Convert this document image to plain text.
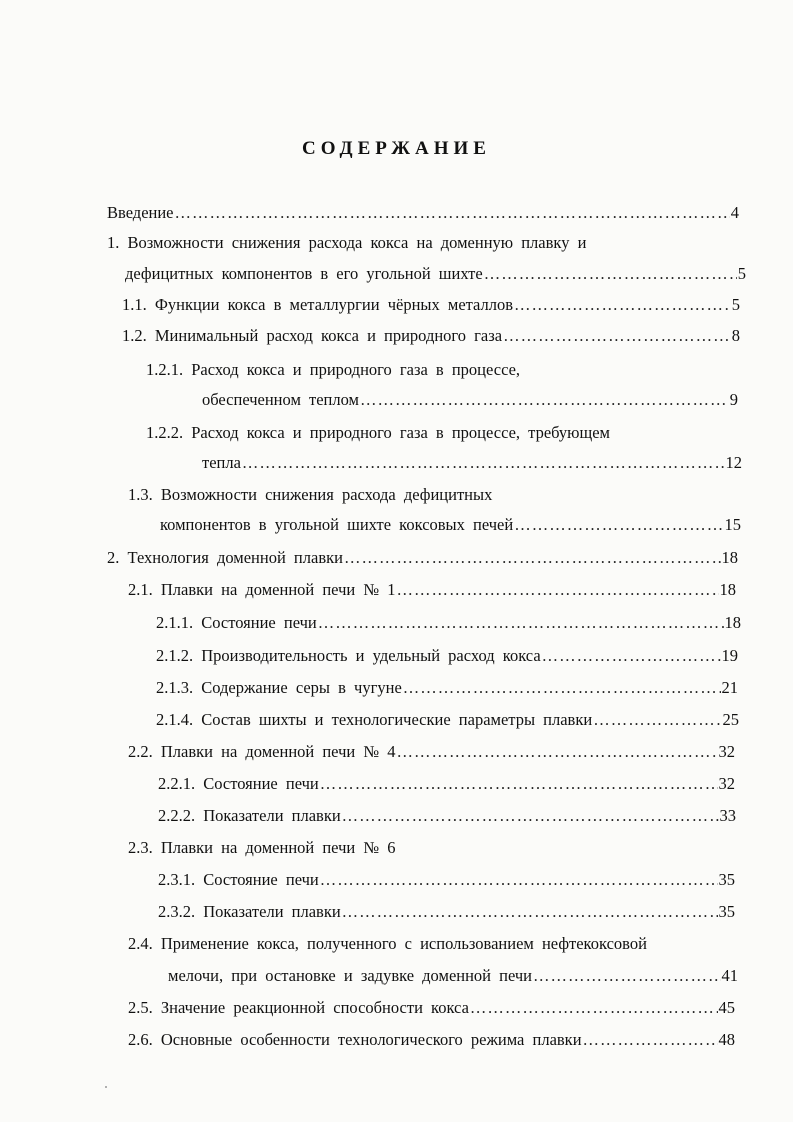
СОДЕРЖАНИЕ
Введение …………………………………………………………………………………………………………………………………………………………………………	4
1. Возможности снижения расхода кокса на доменную плавку и
дефицитных компонентов в его угольной шихте …………………………………………………………………………………………………………………………………………………………………………	5
1.1. Функции кокса в металлургии чёрных металлов …………………………………………………………………………………………………………………………………………………………………………	5
1.2. Минимальный расход кокса и природного газа …………………………………………………………………………………………………………………………………………………………………………	8
1.2.1. Расход кокса и природного газа в процессе,
обеспеченном теплом …………………………………………………………………………………………………………………………………………………………………………	9
1.2.2. Расход кокса и природного газа в процессе, требующем
тепла …………………………………………………………………………………………………………………………………………………………………………	12
1.3. Возможности снижения расхода дефицитных
компонентов в угольной шихте коксовых печей …………………………………………………………………………………………………………………………………………………………………………	15
2. Технология доменной плавки …………………………………………………………………………………………………………………………………………………………………………	18
2.1. Плавки на доменной печи № 1 …………………………………………………………………………………………………………………………………………………………………………	18
2.1.1. Состояние печи …………………………………………………………………………………………………………………………………………………………………………	18
2.1.2. Производительность и удельный расход кокса …………………………………………………………………………………………………………………………………………………………………………	19
2.1.3. Содержание серы в чугуне …………………………………………………………………………………………………………………………………………………………………………	21
2.1.4. Состав шихты и технологические параметры плавки …………………………………………………………………………………………………………………………………………………………………………	25
2.2. Плавки на доменной печи № 4 …………………………………………………………………………………………………………………………………………………………………………	32
2.2.1. Состояние печи …………………………………………………………………………………………………………………………………………………………………………	32
2.2.2. Показатели плавки …………………………………………………………………………………………………………………………………………………………………………	33
2.3. Плавки на доменной печи № 6
2.3.1. Состояние печи …………………………………………………………………………………………………………………………………………………………………………	35
2.3.2. Показатели плавки …………………………………………………………………………………………………………………………………………………………………………	35
2.4. Применение кокса, полученного с использованием нефтекоксовой
мелочи, при остановке и задувке доменной печи …………………………………………………………………………………………………………………………………………………………………………	41
2.5. Значение реакционной способности кокса …………………………………………………………………………………………………………………………………………………………………………	45
2.6. Основные особенности технологического режима плавки …………………………………………………………………………………………………………………………………………………………………………	48
